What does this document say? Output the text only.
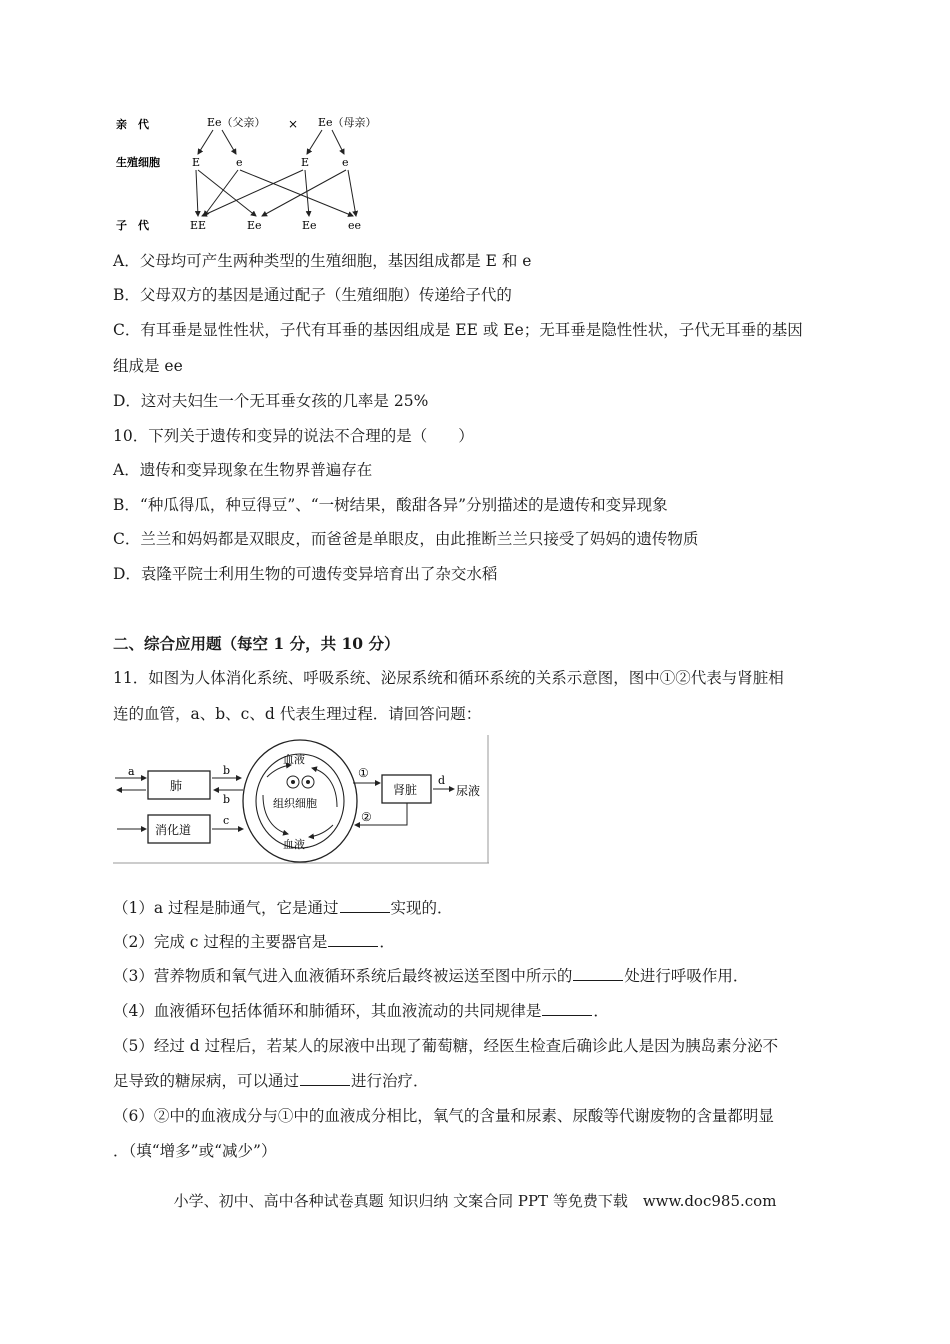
亲　代
生殖细胞
子　代
Ee（父亲） × Ee（母亲）
E	e	E	e
EE	Ee	Ee	ee
A．父母均可产生两种类型的生殖细胞，基因组成都是 E 和 e
B．父母双方的基因是通过配子（生殖细胞）传递给子代的
C．有耳垂是显性性状，子代有耳垂的基因组成是 EE 或 Ee；无耳垂是隐性性状，子代无耳垂的基因
组成是 ee
D．这对夫妇生一个无耳垂女孩的几率是 25%
10．下列关于遗传和变异的说法不合理的是（　　）
A．遗传和变异现象在生物界普遍存在
B．“种瓜得瓜，种豆得豆”、“一树结果，酸甜各异”分别描述的是遗传和变异现象
C．兰兰和妈妈都是双眼皮，而爸爸是单眼皮，由此推断兰兰只接受了妈妈的遗传物质
D．袁隆平院士利用生物的可遗传变异培育出了杂交水稻
二、综合应用题（每空 1 分，共 10 分）
11．如图为人体消化系统、呼吸系统、泌尿系统和循环系统的关系示意图，图中①②代表与肾脏相
连的血管，a、b、c、d 代表生理过程．请回答问题：
肺
消化道
血液
血液
组织细胞
a	b
b
c
肾脏
①
②
d
尿液
（1）a 过程是肺通气，它是通过	实现的．
（2）完成 c 过程的主要器官是	．
（3）营养物质和氧气进入血液循环系统后最终被运送至图中所示的	处进行呼吸作用．
（4）血液循环包括体循环和肺循环，其血液流动的共同规律是	．
（5）经过 d 过程后，若某人的尿液中出现了葡萄糖，经医生检查后确诊此人是因为胰岛素分泌不
足导致的糖尿病，可以通过	进行治疗．
（6）②中的血液成分与①中的血液成分相比，氧气的含量和尿素、尿酸等代谢废物的含量都明显
．（填“增多”或“减少”）
小学、初中、高中各种试卷真题 知识归纳 文案合同 PPT 等免费下载　www.doc985.com
